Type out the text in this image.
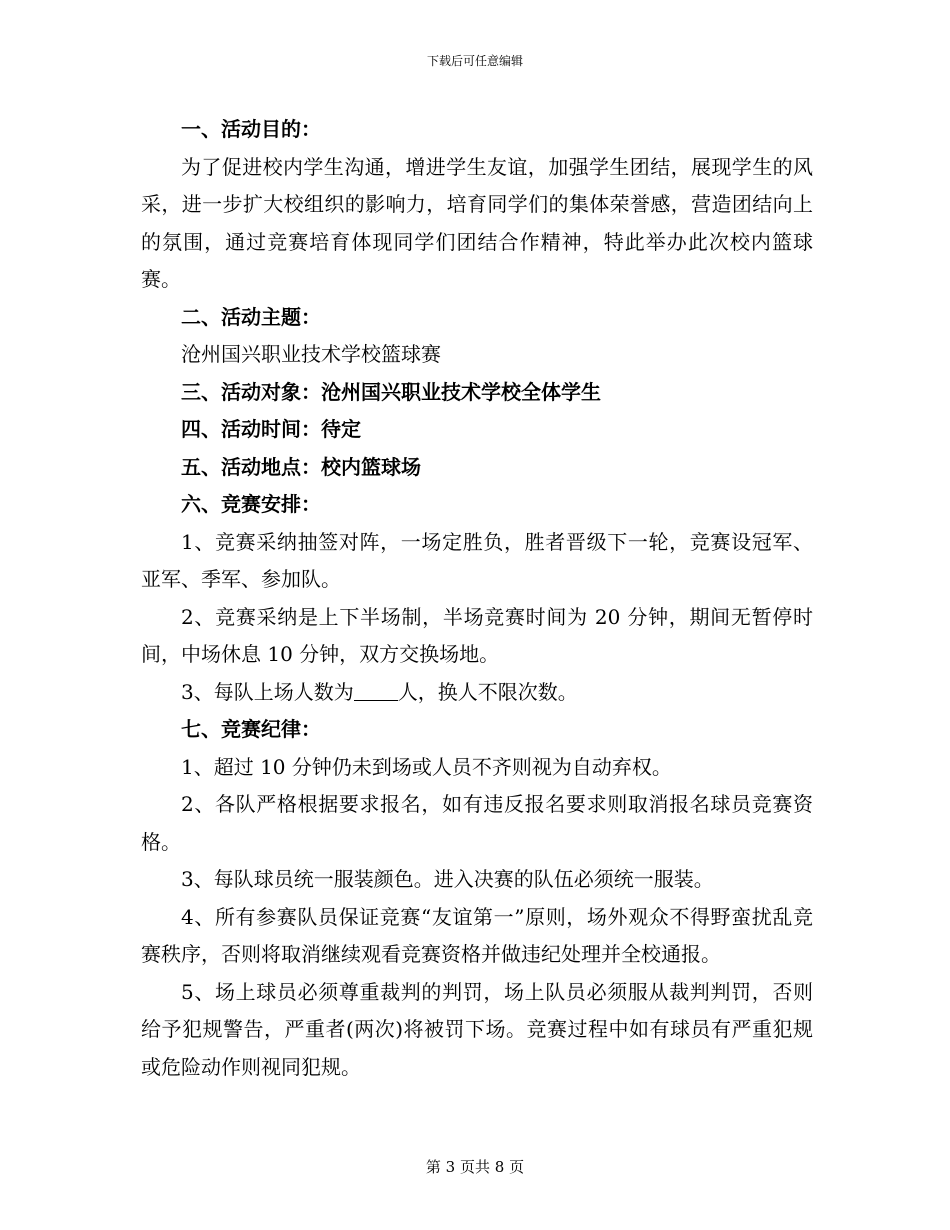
下载后可任意编辑

一、活动目的：

为了促进校内学生沟通，增进学生友谊，加强学生团结，展现学生的风采，进一步扩大校组织的影响力，培育同学们的集体荣誉感，营造团结向上的氛围，通过竞赛培育体现同学们团结合作精神，特此举办此次校内篮球赛。

二、活动主题：

沧州国兴职业技术学校篮球赛

三、活动对象：沧州国兴职业技术学校全体学生

四、活动时间：待定

五、活动地点：校内篮球场

六、竞赛安排：

1、竞赛采纳抽签对阵，一场定胜负，胜者晋级下一轮，竞赛设冠军、亚军、季军、参加队。

2、竞赛采纳是上下半场制，半场竞赛时间为 20 分钟，期间无暂停时间，中场休息 10 分钟，双方交换场地。

3、每队上场人数为 人，换人不限次数。

七、竞赛纪律：

1、超过 10 分钟仍未到场或人员不齐则视为自动弃权。

2、各队严格根据要求报名，如有违反报名要求则取消报名球员竞赛资格。

3、每队球员统一服装颜色。进入决赛的队伍必须统一服装。

4、所有参赛队员保证竞赛“友谊第一”原则，场外观众不得野蛮扰乱竞赛秩序，否则将取消继续观看竞赛资格并做违纪处理并全校通报。

5、场上球员必须尊重裁判的判罚，场上队员必须服从裁判判罚，否则给予犯规警告，严重者(两次)将被罚下场。竞赛过程中如有球员有严重犯规或危险动作则视同犯规。

第 3 页共 8 页
